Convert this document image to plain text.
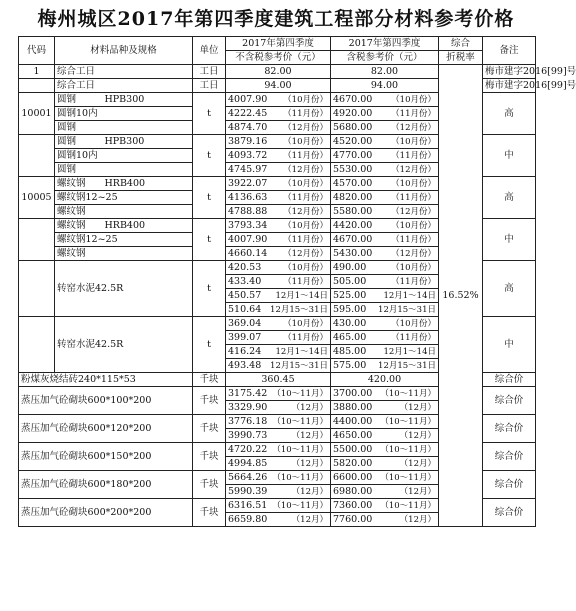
梅州城区2017年第四季度建筑工程部分材料参考价格
代码	材料品种及规格	单位	2017年第四季度	2017年第四季度	综合	备注
			不含税参考价（元）	含税参考价（元）	折税率	
1	综合工日	工日	82.00	82.00	16.52%	梅市建字2016[99]号
	综合工日	工日	94.00	94.00		梅市建字2016[99]号
10001	圆钢　　　HPB300	t	4007.90 （10月份）	4670.00 （10月份）		高
	圆钢10内		4222.45 （11月份）	4920.00 （11月份）		

	圆钢		4874.70 （12月份）	5680.00 （12月份）		

	圆钢　　　HPB300	t	3879.16 （10月份）	4520.00 （10月份）		中
	圆钢10内		4093.72 （11月份）	4770.00 （11月份）		

	圆钢		4745.97 （12月份）	5530.00 （12月份）		

10005	螺纹钢　　HRB400	t	3922.07 （10月份）	4570.00 （10月份）		高
	螺纹钢12~25		4136.63 （11月份）	4820.00 （11月份）		

	螺纹钢		4788.88 （12月份）	5580.00 （12月份）		

	螺纹钢　　HRB400	t	3793.34 （10月份）	4420.00 （10月份）		中
	螺纹钢12~25		4007.90 （11月份）	4670.00 （11月份）		

	螺纹钢		4660.14 （12月份）	5430.00 （12月份）		

	转窑水泥42.5R	t	420.53 （10月份）	490.00 （10月份）		高

			433.40 （11月份）	505.00 （11月份）		

			450.57 12月1～14日	525.00 12月1～14日		

			510.64 12月15～31日	595.00 12月15～31日		

	转窑水泥42.5R	t	369.04 （10月份）	430.00 （10月份）		中

			399.07 （11月份）	465.00 （11月份）		

			416.24 12月1～14日	485.00 12月1～14日		

			493.48 12月15～31日	575.00 12月15～31日		

粉煤灰烧结砖240*115*53		千块	360.45	420.00		综合价
蒸压加气砼砌块600*100*200		千块	3175.42 （10～11月）	3700.00 （10～11月）		综合价

			3329.90 （12月）	3880.00 （12月）		

蒸压加气砼砌块600*120*200		千块	3776.18 （10～11月）	4400.00 （10～11月）		综合价

			3990.73 （12月）	4650.00 （12月）		

蒸压加气砼砌块600*150*200		千块	4720.22 （10～11月）	5500.00 （10～11月）		综合价

			4994.85 （12月）	5820.00 （12月）		

蒸压加气砼砌块600*180*200		千块	5664.26 （10～11月）	6600.00 （10～11月）		综合价

			5990.39 （12月）	6980.00 （12月）		

蒸压加气砼砌块600*200*200		千块	6316.51 （10～11月）	7360.00 （10～11月）		综合价

			6659.80 （12月）	7760.00 （12月）		
